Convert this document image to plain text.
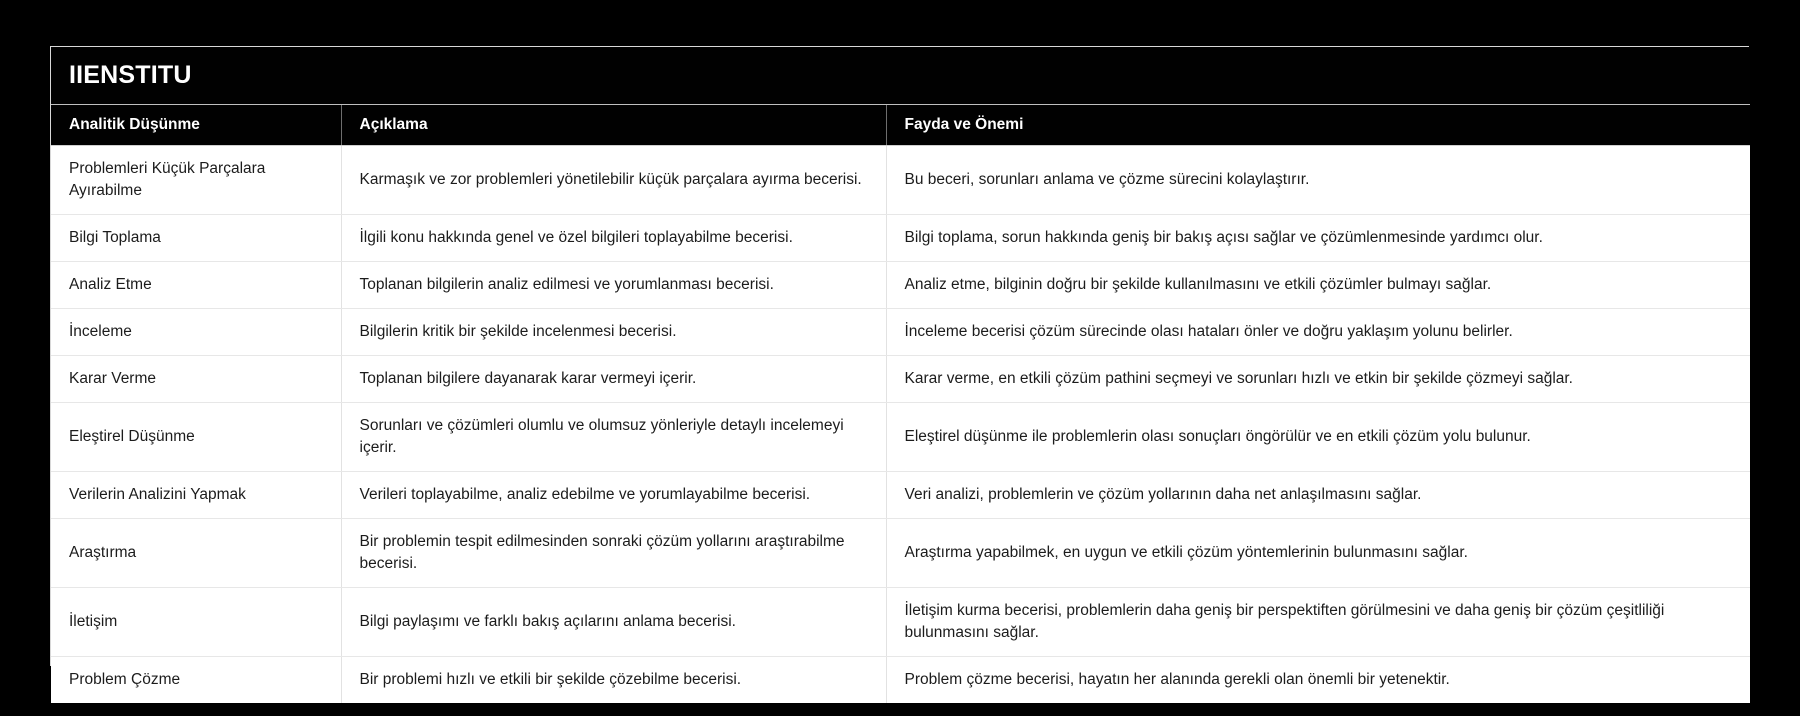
IIENSTITU		
Analitik Düşünme	Açıklama	Fayda ve Önemi
Problemleri Küçük Parçalara Ayırabilme	Karmaşık ve zor problemleri yönetilebilir küçük parçalara ayırma becerisi.	Bu beceri, sorunları anlama ve çözme sürecini kolaylaştırır.
Bilgi Toplama	İlgili konu hakkında genel ve özel bilgileri toplayabilme becerisi.	Bilgi toplama, sorun hakkında geniş bir bakış açısı sağlar ve çözümlenmesinde yardımcı olur.
Analiz Etme	Toplanan bilgilerin analiz edilmesi ve yorumlanması becerisi.	Analiz etme, bilginin doğru bir şekilde kullanılmasını ve etkili çözümler bulmayı sağlar.
İnceleme	Bilgilerin kritik bir şekilde incelenmesi becerisi.	İnceleme becerisi çözüm sürecinde olası hataları önler ve doğru yaklaşım yolunu belirler.
Karar Verme	Toplanan bilgilere dayanarak karar vermeyi içerir.	Karar verme, en etkili çözüm pathini seçmeyi ve sorunları hızlı ve etkin bir şekilde çözmeyi sağlar.
Eleştirel Düşünme	Sorunları ve çözümleri olumlu ve olumsuz yönleriyle detaylı incelemeyi içerir.	Eleştirel düşünme ile problemlerin olası sonuçları öngörülür ve en etkili çözüm yolu bulunur.
Verilerin Analizini Yapmak	Verileri toplayabilme, analiz edebilme ve yorumlayabilme becerisi.	Veri analizi, problemlerin ve çözüm yollarının daha net anlaşılmasını sağlar.
Araştırma	Bir problemin tespit edilmesinden sonraki çözüm yollarını araştırabilme becerisi.	Araştırma yapabilmek, en uygun ve etkili çözüm yöntemlerinin bulunmasını sağlar.
İletişim	Bilgi paylaşımı ve farklı bakış açılarını anlama becerisi.	İletişim kurma becerisi, problemlerin daha geniş bir perspektiften görülmesini ve daha geniş bir çözüm çeşitliliği bulunmasını sağlar.
Problem Çözme	Bir problemi hızlı ve etkili bir şekilde çözebilme becerisi.	Problem çözme becerisi, hayatın her alanında gerekli olan önemli bir yetenektir.
